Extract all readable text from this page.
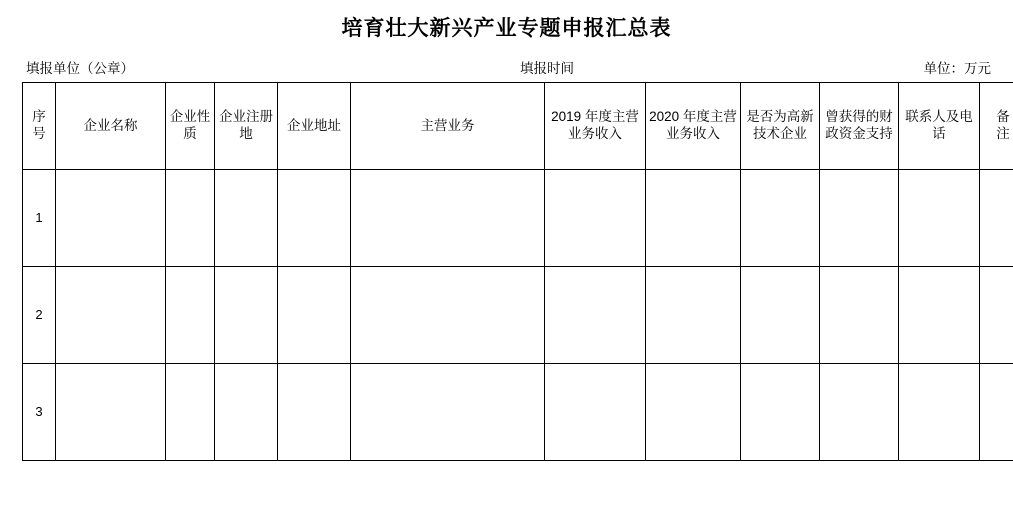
培育壮大新兴产业专题申报汇总表
填报单位（公章）	填报时间	单位：万元
序号	企业名称	企业性质	企业注册地	企业地址	主营业务	2019 年度主营业务收入	2020 年度主营业务收入	是否为高新技术企业	曾获得的财政资金支持	联系人及电话	备注
1											
2											
3											
